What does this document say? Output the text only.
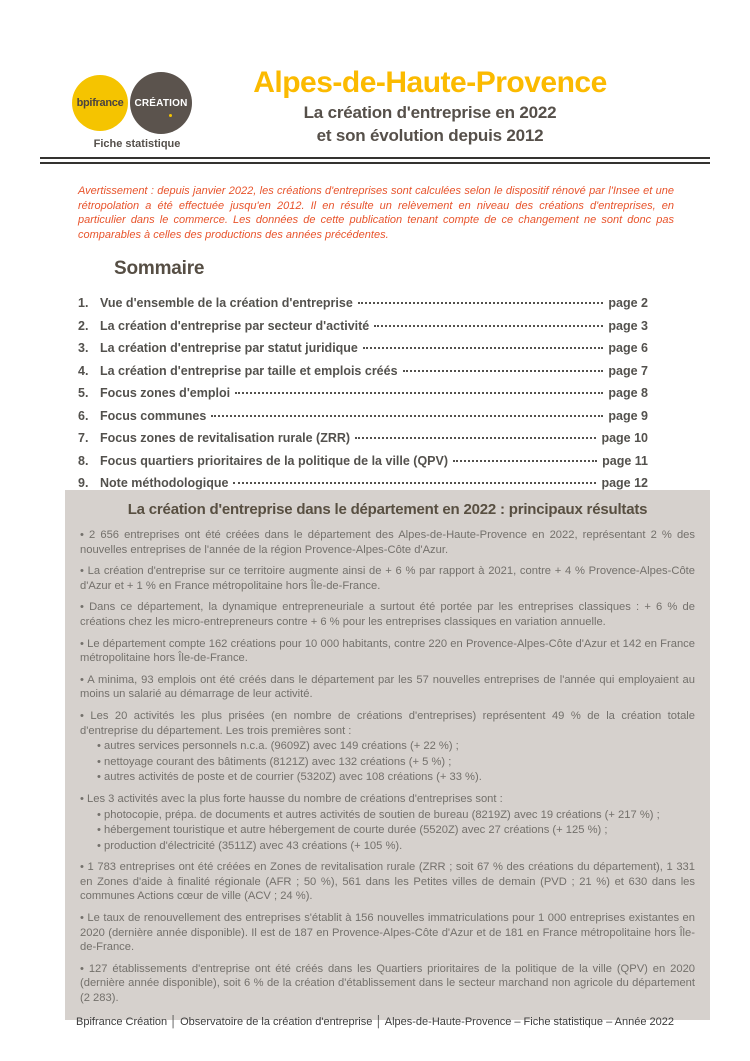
bpifrance CRÉATION
Fiche statistique
Alpes-de-Haute-Provence
La création d'entreprise en 2022
et son évolution depuis 2012

Avertissement : depuis janvier 2022, les créations d'entreprises sont calculées selon le dispositif rénové par l'Insee et une rétropolation a été effectuée jusqu'en 2012. Il en résulte un relèvement en niveau des créations d'entreprises, en particulier dans le commerce. Les données de cette publication tenant compte de ce changement ne sont donc pas comparables à celles des productions des années précédentes.

Sommaire
1. Vue d'ensemble de la création d'entreprise	page 2
2. La création d'entreprise par secteur d'activité	page 3
3. La création d'entreprise par statut juridique	page 6
4. La création d'entreprise par taille et emplois créés	page 7
5. Focus zones d'emploi	page 8
6. Focus communes	page 9
7. Focus zones de revitalisation rurale (ZRR)	page 10
8. Focus quartiers prioritaires de la politique de la ville (QPV)	page 11
9. Note méthodologique	page 12
La création d'entreprise dans le département en 2022 : principaux résultats

• 2 656 entreprises ont été créées dans le département des Alpes-de-Haute-Provence en 2022, représentant 2 % des nouvelles entreprises de l'année de la région Provence-Alpes-Côte d'Azur.

• La création d'entreprise sur ce territoire augmente ainsi de + 6 % par rapport à 2021, contre + 4 % Provence-Alpes-Côte d'Azur et + 1 % en France métropolitaine hors Île-de-France.

• Dans ce département, la dynamique entrepreneuriale a surtout été portée par les entreprises classiques : + 6 % de créations chez les micro-entrepreneurs contre + 6 % pour les entreprises classiques en variation annuelle.

• Le département compte 162 créations pour 10 000 habitants, contre 220 en Provence-Alpes-Côte d'Azur et 142 en France métropolitaine hors Île-de-France.

• A minima, 93 emplois ont été créés dans le département par les 57 nouvelles entreprises de l'année qui employaient au moins un salarié au démarrage de leur activité.

• Les 20 activités les plus prisées (en nombre de créations d'entreprises) représentent 49 % de la création totale d'entreprise du département. Les trois premières sont :

• autres services personnels n.c.a. (9609Z) avec 149 créations (+ 22 %) ;

• nettoyage courant des bâtiments (8121Z) avec 132 créations (+ 5 %) ;

• autres activités de poste et de courrier (5320Z) avec 108 créations (+ 33 %).

• Les 3 activités avec la plus forte hausse du nombre de créations d'entreprises sont :

• photocopie, prépa. de documents et autres activités de soutien de bureau (8219Z) avec 19 créations (+ 217 %) ;

• hébergement touristique et autre hébergement de courte durée (5520Z) avec 27 créations (+ 125 %) ;

• production d'électricité (3511Z) avec 43 créations (+ 105 %).

• 1 783 entreprises ont été créées en Zones de revitalisation rurale (ZRR ; soit 67 % des créations du département), 1 331 en Zones d'aide à finalité régionale (AFR ; 50 %), 561 dans les Petites villes de demain (PVD ; 21 %) et 630 dans les communes Actions cœur de ville (ACV ; 24 %).

• Le taux de renouvellement des entreprises s'établit à 156 nouvelles immatriculations pour 1 000 entreprises existantes en 2020 (dernière année disponible). Il est de 187 en Provence-Alpes-Côte d'Azur et de 181 en France métropolitaine hors Île-de-France.

• 127 établissements d'entreprise ont été créés dans les Quartiers prioritaires de la politique de la ville (QPV) en 2020 (dernière année disponible), soit 6 % de la création d'établissement dans le secteur marchand non agricole du département (2 283).

Bpifrance Création │ Observatoire de la création d'entreprise │ Alpes-de-Haute-Provence – Fiche statistique – Année 2022
